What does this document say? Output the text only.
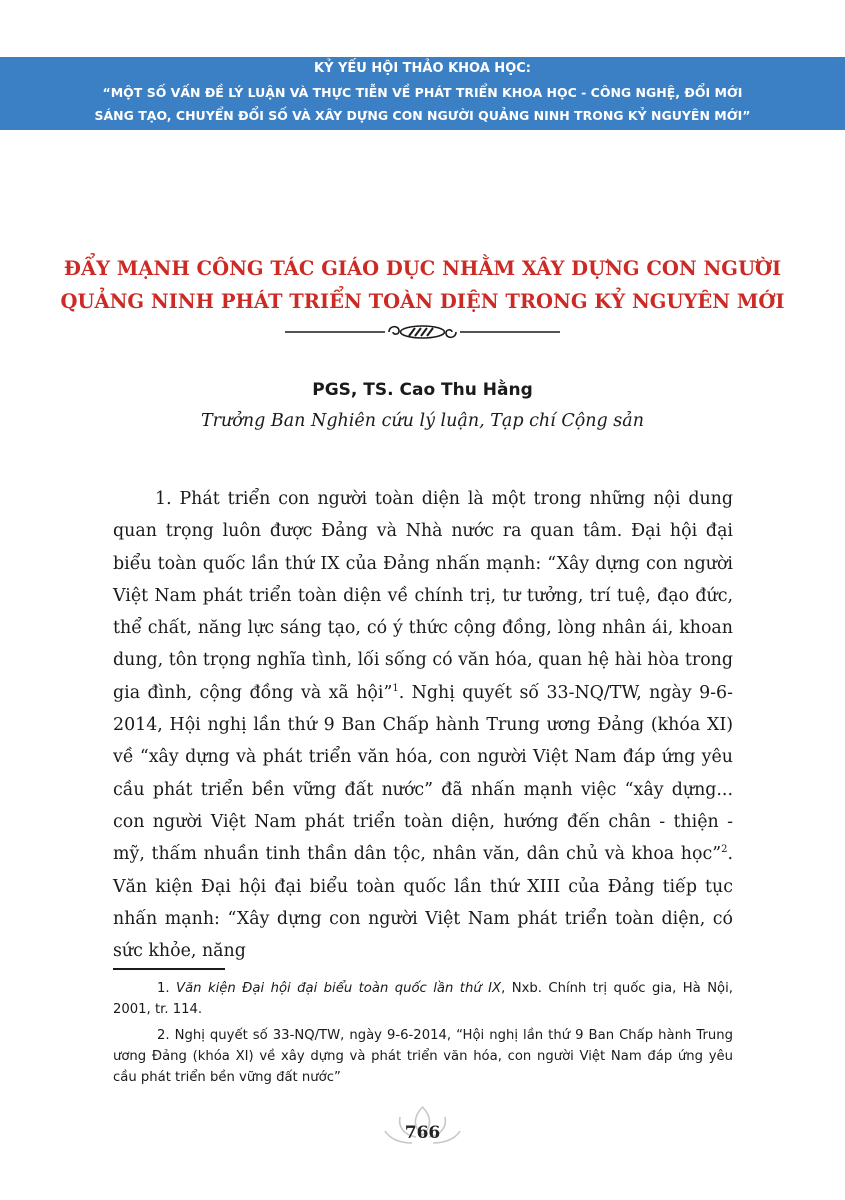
KỶ YẾU HỘI THẢO KHOA HỌC:
“MỘT SỐ VẤN ĐỀ LÝ LUẬN VÀ THỰC TIỄN VỀ PHÁT TRIỂN KHOA HỌC - CÔNG NGHỆ, ĐỔI MỚI
SÁNG TẠO, CHUYỂN ĐỔI SỐ VÀ XÂY DỰNG CON NGƯỜI QUẢNG NINH TRONG KỶ NGUYÊN MỚI”
ĐẨY MẠNH CÔNG TÁC GIÁO DỤC NHẰM XÂY DỰNG CON NGƯỜI
QUẢNG NINH PHÁT TRIỂN TOÀN DIỆN TRONG KỶ NGUYÊN MỚI
PGS, TS. Cao Thu Hằng
Trưởng Ban Nghiên cứu lý luận, Tạp chí Cộng sản
1. Phát triển con người toàn diện là một trong những nội dung quan trọng luôn được Đảng và Nhà nước ra quan tâm. Đại hội đại biểu toàn quốc lần thứ IX của Đảng nhấn mạnh: “Xây dựng con người Việt Nam phát triển toàn diện về chính trị, tư tưởng, trí tuệ, đạo đức, thể chất, năng lực sáng tạo, có ý thức cộng đồng, lòng nhân ái, khoan dung, tôn trọng nghĩa tình, lối sống có văn hóa, quan hệ hài hòa trong gia đình, cộng đồng và xã hội”$^1$. Nghị quyết số 33-NQ/TW, ngày 9-6-2014, Hội nghị lần thứ 9 Ban Chấp hành Trung ương Đảng (khóa XI) về “xây dựng và phát triển văn hóa, con người Việt Nam đáp ứng yêu cầu phát triển bền vững đất nước” đã nhấn mạnh việc “xây dựng... con người Việt Nam phát triển toàn diện, hướng đến chân - thiện - mỹ, thấm nhuần tinh thần dân tộc, nhân văn, dân chủ và khoa học”$^2$. Văn kiện Đại hội đại biểu toàn quốc lần thứ XIII của Đảng tiếp tục nhấn mạnh: “Xây dựng con người Việt Nam phát triển toàn diện, có sức khỏe, năng
1. Văn kiện Đại hội đại biểu toàn quốc lần thứ IX, Nxb. Chính trị quốc gia, Hà Nội, 2001, tr. 114.
2. Nghị quyết số 33-NQ/TW, ngày 9-6-2014, “Hội nghị lần thứ 9 Ban Chấp hành Trung ương Đảng (khóa XI) về xây dựng và phát triển văn hóa, con người Việt Nam đáp ứng yêu cầu phát triển bền vững đất nước”
766
